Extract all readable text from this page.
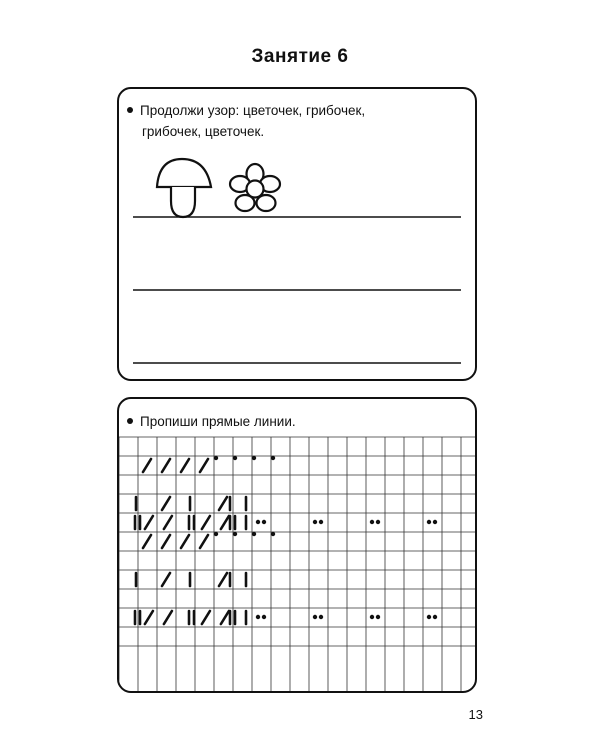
Занятие 6
Продолжи узор: цветочек, грибочек,
грибочек, цветочек.
Пропиши прямые линии.
13
